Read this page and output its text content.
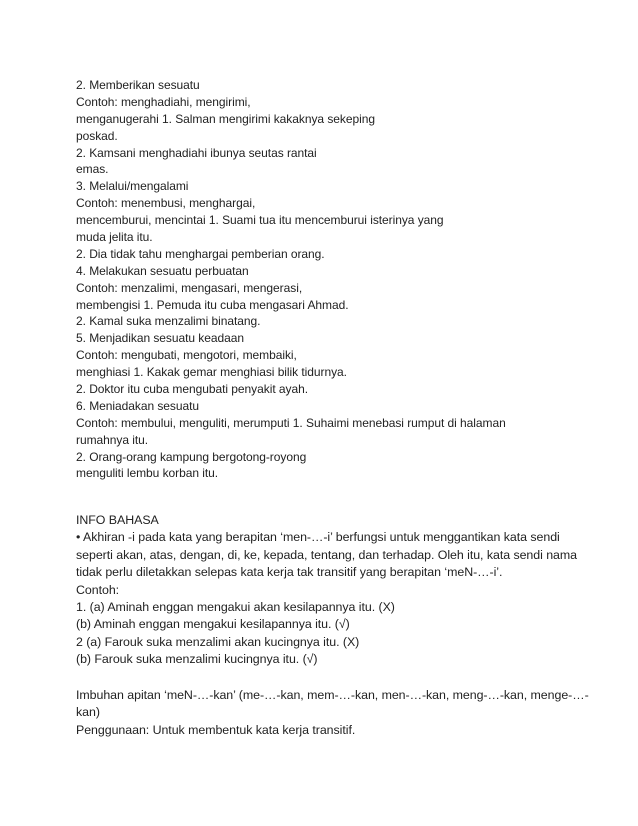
2. Memberikan sesuatu
Contoh: menghadiahi, mengirimi,
menganugerahi 1. Salman mengirimi kakaknya sekeping
poskad.
2. Kamsani menghadiahi ibunya seutas rantai
emas.
3. Melalui/mengalami
Contoh: menembusi, menghargai,
mencemburui, mencintai 1. Suami tua itu mencemburui isterinya yang
muda jelita itu.
2. Dia tidak tahu menghargai pemberian orang.
4. Melakukan sesuatu perbuatan
Contoh: menzalimi, mengasari, mengerasi,
membengisi 1. Pemuda itu cuba mengasari Ahmad.
2. Kamal suka menzalimi binatang.
5. Menjadikan sesuatu keadaan
Contoh: mengubati, mengotori, membaiki,
menghiasi 1. Kakak gemar menghiasi bilik tidurnya.
2. Doktor itu cuba mengubati penyakit ayah.
6. Meniadakan sesuatu
Contoh: membului, menguliti, merumputi 1. Suhaimi menebasi rumput di halaman
rumahnya itu.
2. Orang-orang kampung bergotong-royong
menguliti lembu korban itu.
INFO BAHASA
• Akhiran -i pada kata yang berapitan ‘men-…-i’ berfungsi untuk menggantikan kata sendi
seperti akan, atas, dengan, di, ke, kepada, tentang, dan terhadap. Oleh itu, kata sendi nama
tidak perlu diletakkan selepas kata kerja tak transitif yang berapitan ‘meN-…-i’.
Contoh:
1. (a) Aminah enggan mengakui akan kesilapannya itu. (X)
(b) Aminah enggan mengakui kesilapannya itu. (√)
2 (a) Farouk suka menzalimi akan kucingnya itu. (X)
(b) Farouk suka menzalimi kucingnya itu. (√)
Imbuhan apitan ‘meN-…-kan’ (me-…-kan, mem-…-kan, men-…-kan, meng-…-kan, menge-…-
kan)
Penggunaan: Untuk membentuk kata kerja transitif.
